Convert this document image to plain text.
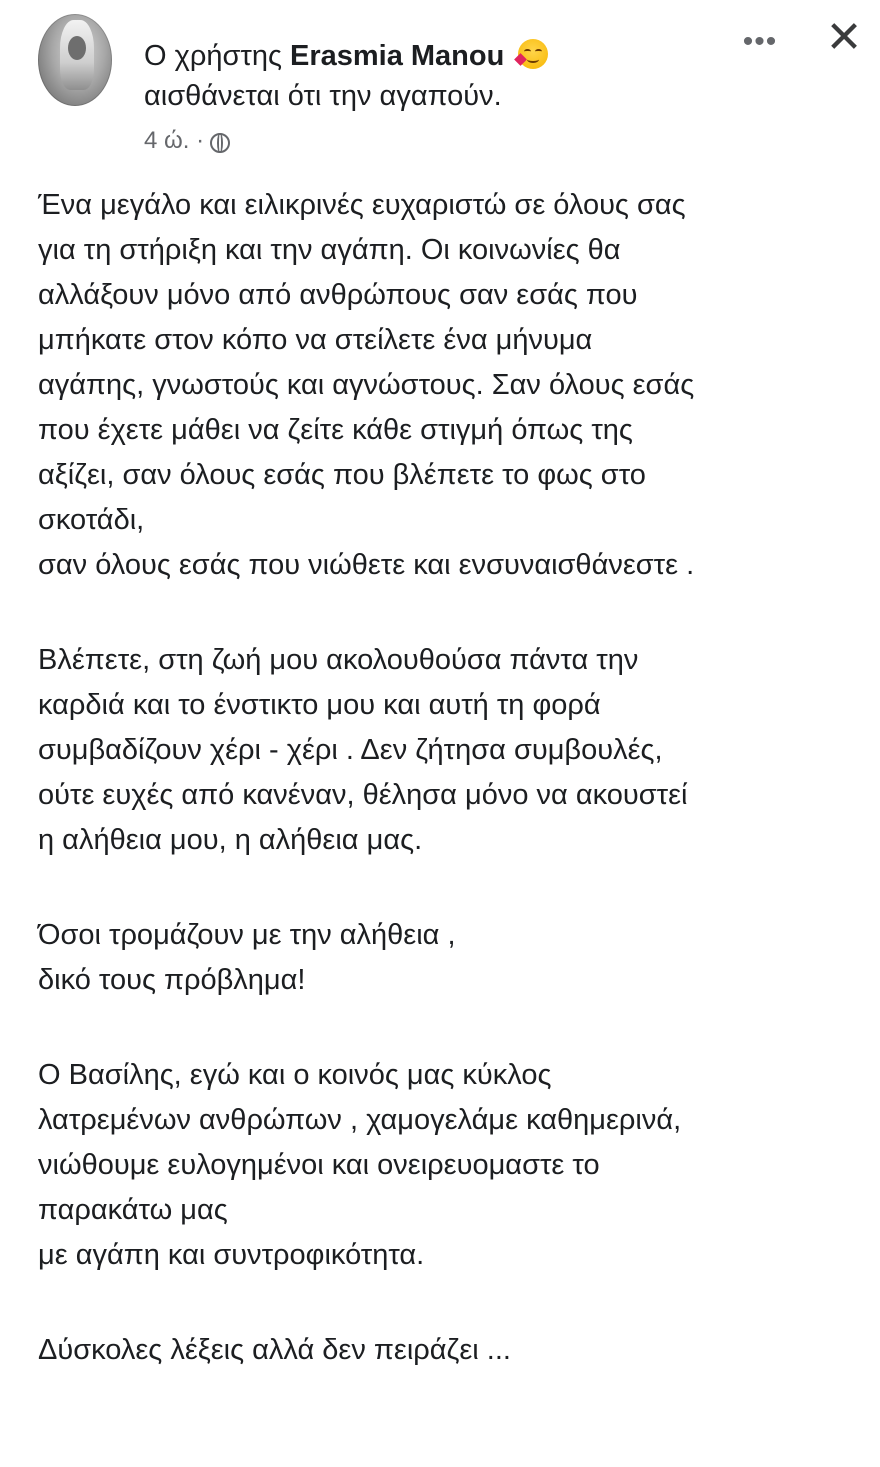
Ο χρήστης Erasmia Manou
αισθάνεται ότι την αγαπούν.
4 ώ. ·
••• ✕

Ένα μεγάλο και ειλικρινές ευχαριστώ σε όλους σας
για τη στήριξη και την αγάπη. Οι κοινωνίες θα
αλλάξουν μόνο από ανθρώπους σαν εσάς που
μπήκατε στον κόπο να στείλετε ένα μήνυμα
αγάπης, γνωστούς και αγνώστους. Σαν όλους εσάς
που έχετε μάθει να ζείτε κάθε στιγμή όπως της
αξίζει, σαν όλους εσάς που βλέπετε το φως στο
σκοτάδι,
σαν όλους εσάς που νιώθετε και ενσυναισθάνεστε .

Βλέπετε, στη ζωή μου ακολουθούσα πάντα την
καρδιά και το ένστικτο μου και αυτή τη φορά
συμβαδίζουν χέρι - χέρι . Δεν ζήτησα συμβουλές,
ούτε ευχές από κανέναν, θέλησα μόνο να ακουστεί
η αλήθεια μου, η αλήθεια μας.

Όσοι τρομάζουν με την αλήθεια ,
δικό τους πρόβλημα!

Ο Βασίλης, εγώ και ο κοινός μας κύκλος
λατρεμένων ανθρώπων , χαμογελάμε καθημερινά,
νιώθουμε ευλογημένοι και ονειρευομαστε το
παρακάτω μας
με αγάπη και συντροφικότητα.

Δύσκολες λέξεις αλλά δεν πειράζει ...
